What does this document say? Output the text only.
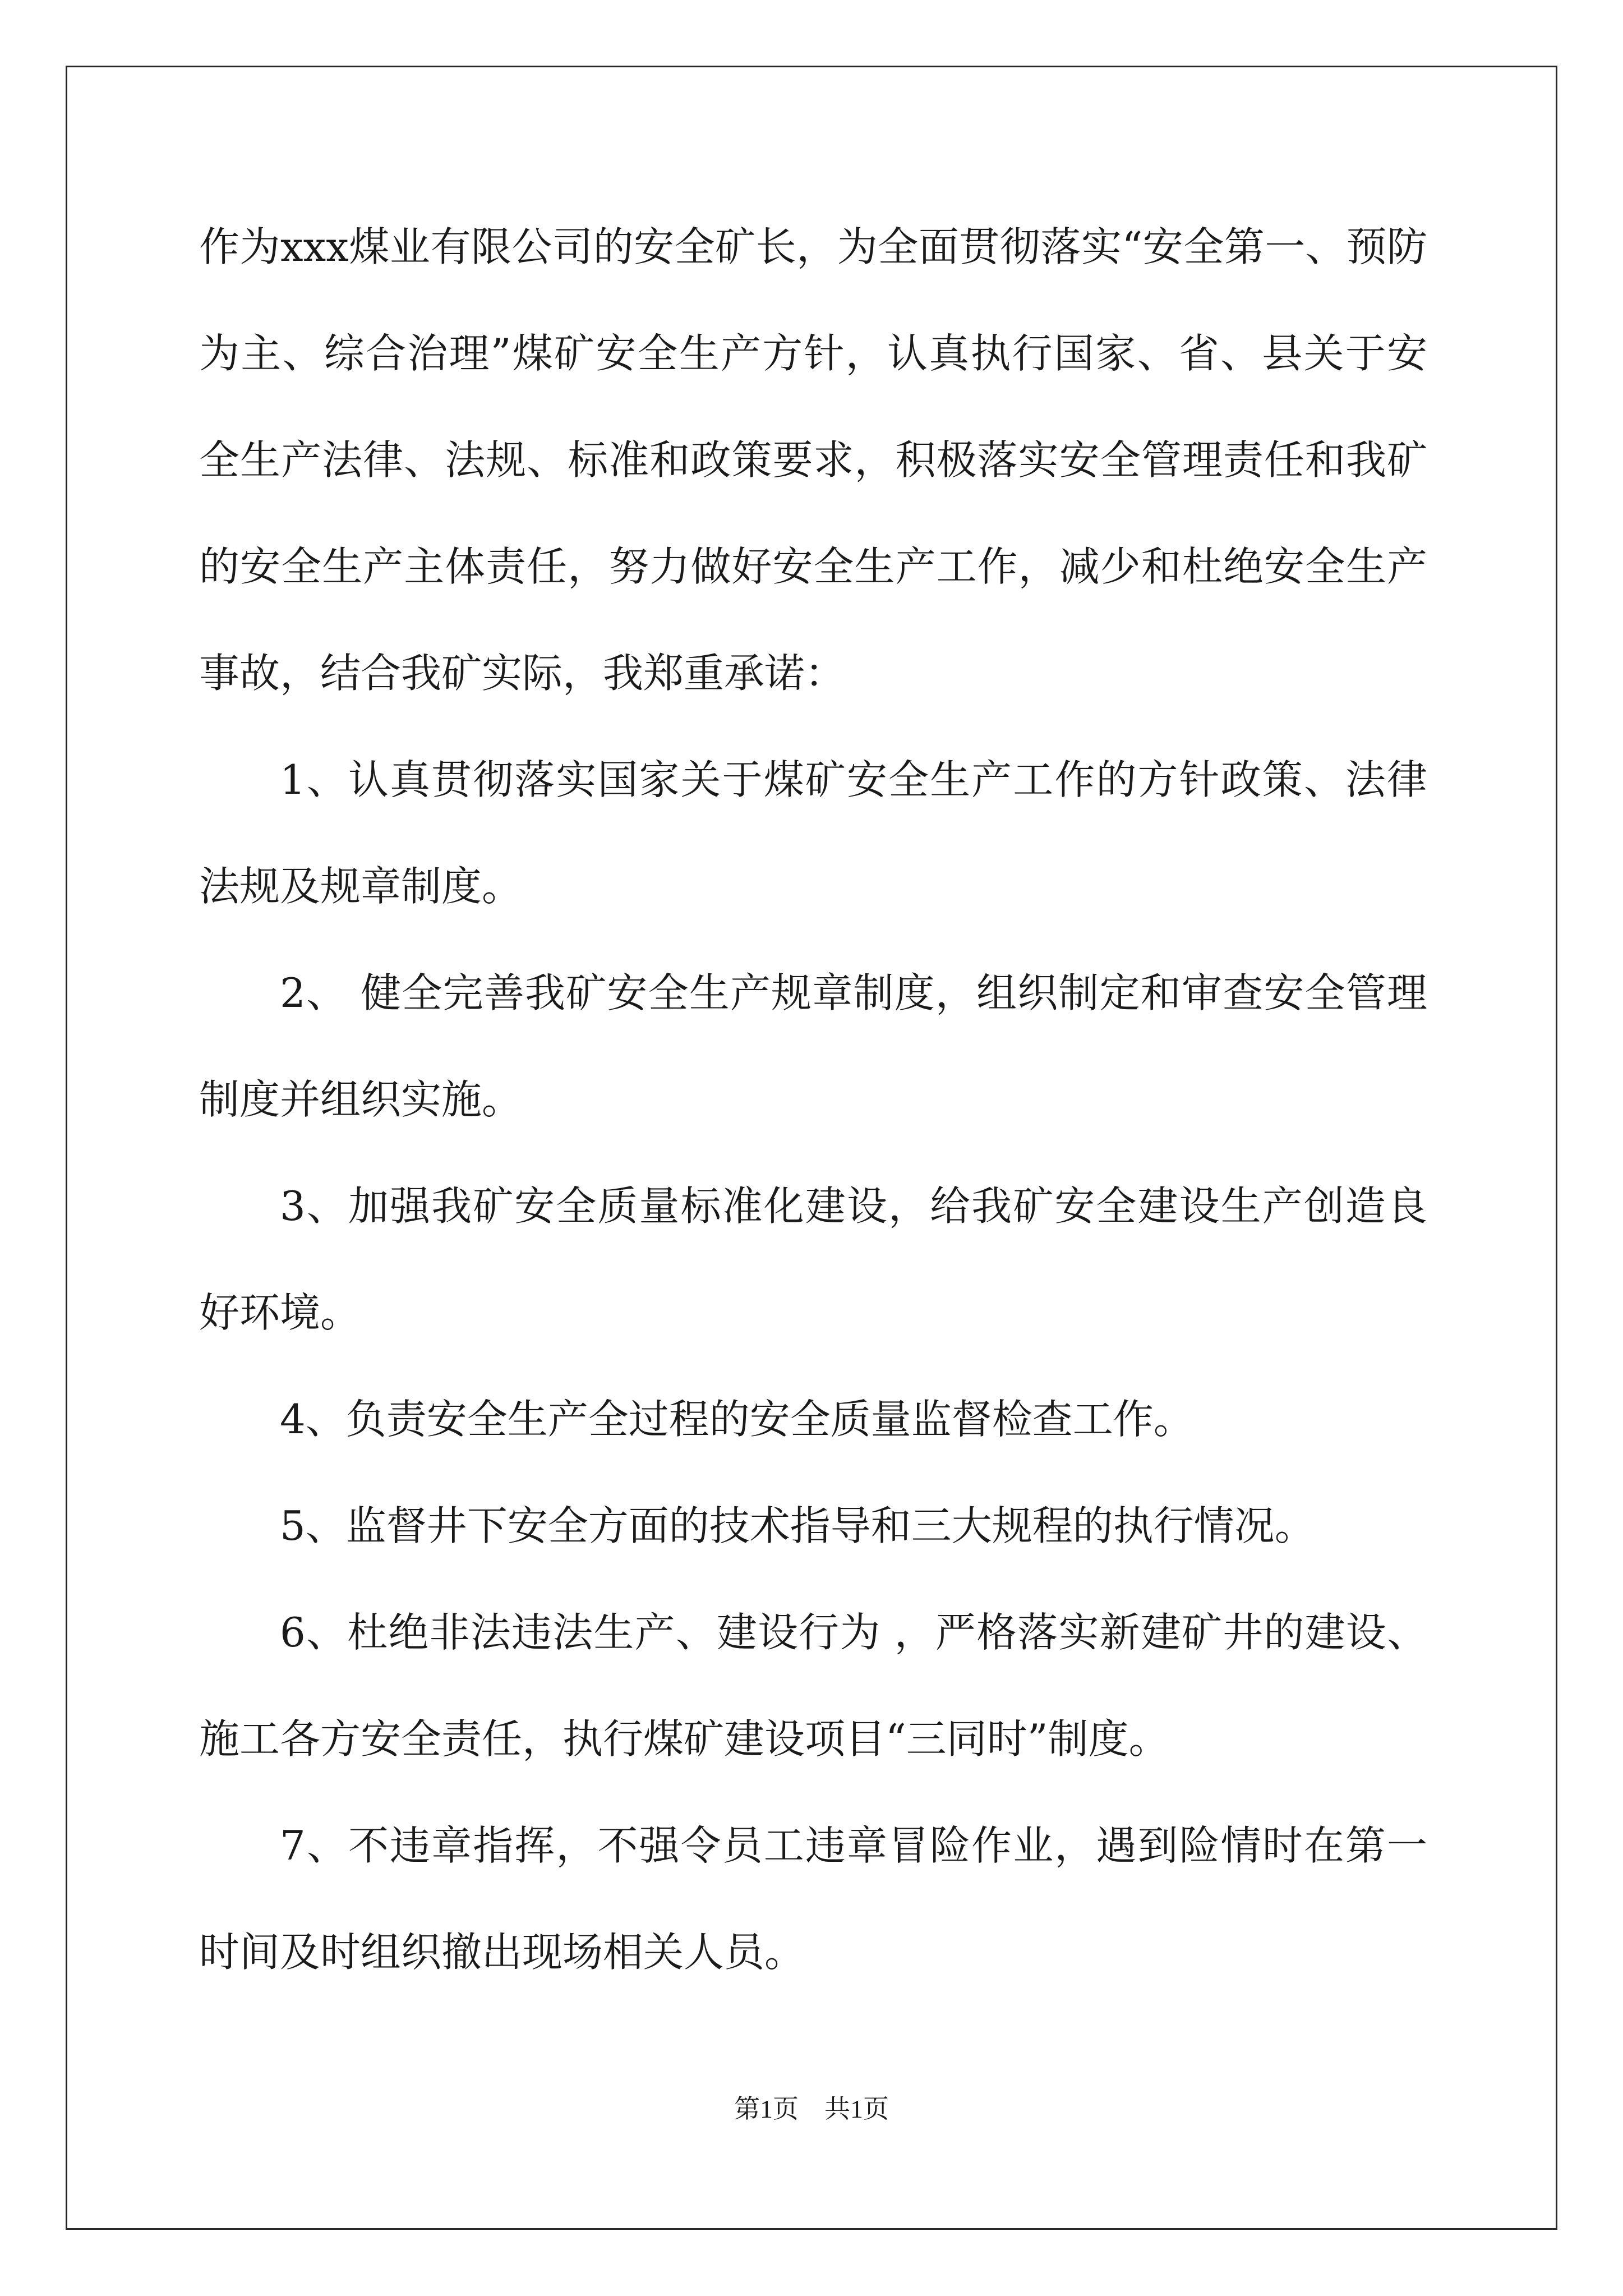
作为xxx煤业有限公司的安全矿长，为全面贯彻落实“安全第一、预防为主、综合治理”煤矿安全生产方针，认真执行国家、省、县关于安全生产法律、法规、标准和政策要求，积极落实安全管理责任和我矿的安全生产主体责任，努力做好安全生产工作，减少和杜绝安全生产事故，结合我矿实际，我郑重承诺：

1、认真贯彻落实国家关于煤矿安全生产工作的方针政策、法律法规及规章制度。

2、 健全完善我矿安全生产规章制度，组织制定和审查安全管理制度并组织实施。

3、加强我矿安全质量标准化建设，给我矿安全建设生产创造良好环境。

4、负责安全生产全过程的安全质量监督检查工作。

5、监督井下安全方面的技术指导和三大规程的执行情况。

6、杜绝非法违法生产、建设行为 ，严格落实新建矿井的建设、施工各方安全责任，执行煤矿建设项目“三同时”制度。

7、不违章指挥，不强令员工违章冒险作业，遇到险情时在第一时间及时组织撤出现场相关人员。

第1页　共1页
